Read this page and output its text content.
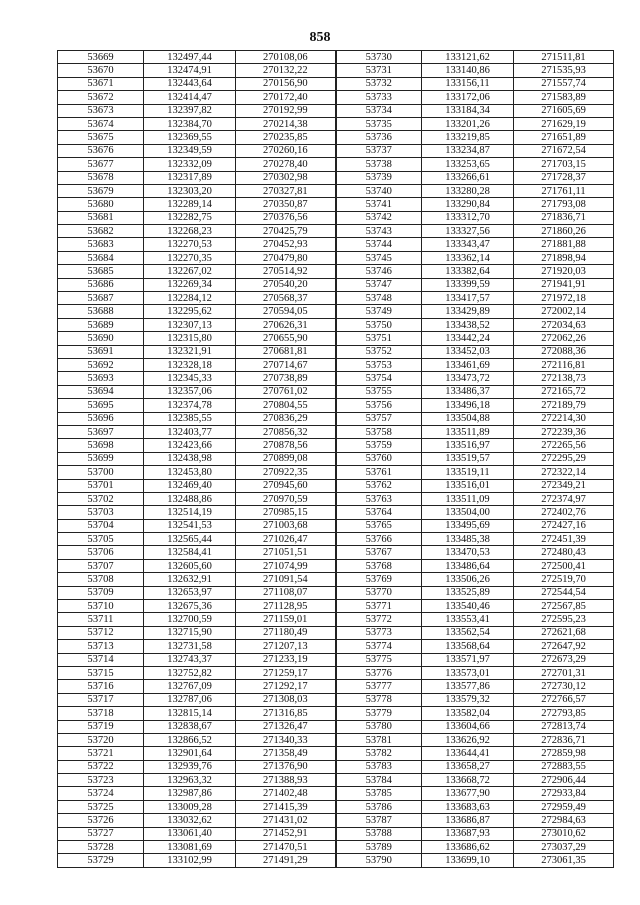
858
53669	132497,44	270108,06	53730	133121,62	271511,81
53670	132474,91	270132,22	53731	133140,86	271535,93
53671	132443,64	270156,90	53732	133156,11	271557,74
53672	132414,47	270172,40	53733	133172,06	271583,89
53673	132397,82	270192,99	53734	133184,34	271605,69
53674	132384,70	270214,38	53735	133201,26	271629,19
53675	132369,55	270235,85	53736	133219,85	271651,89
53676	132349,59	270260,16	53737	133234,87	271672,54
53677	132332,09	270278,40	53738	133253,65	271703,15
53678	132317,89	270302,98	53739	133266,61	271728,37
53679	132303,20	270327,81	53740	133280,28	271761,11
53680	132289,14	270350,87	53741	133290,84	271793,08
53681	132282,75	270376,56	53742	133312,70	271836,71
53682	132268,23	270425,79	53743	133327,56	271860,26
53683	132270,53	270452,93	53744	133343,47	271881,88
53684	132270,35	270479,80	53745	133362,14	271898,94
53685	132267,02	270514,92	53746	133382,64	271920,03
53686	132269,34	270540,20	53747	133399,59	271941,91
53687	132284,12	270568,37	53748	133417,57	271972,18
53688	132295,62	270594,05	53749	133429,89	272002,14
53689	132307,13	270626,31	53750	133438,52	272034,63
53690	132315,80	270655,90	53751	133442,24	272062,26
53691	132321,91	270681,81	53752	133452,03	272088,36
53692	132328,18	270714,67	53753	133461,69	272116,81
53693	132345,33	270738,89	53754	133473,72	272138,73
53694	132357,06	270761,02	53755	133486,37	272165,72
53695	132374,78	270804,55	53756	133496,18	272189,79
53696	132385,55	270836,29	53757	133504,88	272214,30
53697	132403,77	270856,32	53758	133511,89	272239,36
53698	132423,66	270878,56	53759	133516,97	272265,56
53699	132438,98	270899,08	53760	133519,57	272295,29
53700	132453,80	270922,35	53761	133519,11	272322,14
53701	132469,40	270945,60	53762	133516,01	272349,21
53702	132488,86	270970,59	53763	133511,09	272374,97
53703	132514,19	270985,15	53764	133504,00	272402,76
53704	132541,53	271003,68	53765	133495,69	272427,16
53705	132565,44	271026,47	53766	133485,38	272451,39
53706	132584,41	271051,51	53767	133470,53	272480,43
53707	132605,60	271074,99	53768	133486,64	272500,41
53708	132632,91	271091,54	53769	133506,26	272519,70
53709	132653,97	271108,07	53770	133525,89	272544,54
53710	132675,36	271128,95	53771	133540,46	272567,85
53711	132700,59	271159,01	53772	133553,41	272595,23
53712	132715,90	271180,49	53773	133562,54	272621,68
53713	132731,58	271207,13	53774	133568,64	272647,92
53714	132743,37	271233,19	53775	133571,97	272673,29
53715	132752,82	271259,17	53776	133573,01	272701,31
53716	132767,09	271292,17	53777	133577,86	272730,12
53717	132787,06	271308,03	53778	133579,32	272766,57
53718	132815,14	271316,85	53779	133582,04	272793,85
53719	132838,67	271326,47	53780	133604,66	272813,74
53720	132866,52	271340,33	53781	133626,92	272836,71
53721	132901,64	271358,49	53782	133644,41	272859,98
53722	132939,76	271376,90	53783	133658,27	272883,55
53723	132963,32	271388,93	53784	133668,72	272906,44
53724	132987,86	271402,48	53785	133677,90	272933,84
53725	133009,28	271415,39	53786	133683,63	272959,49
53726	133032,62	271431,02	53787	133686,87	272984,63
53727	133061,40	271452,91	53788	133687,93	273010,62
53728	133081,69	271470,51	53789	133686,62	273037,29
53729	133102,99	271491,29	53790	133699,10	273061,35
